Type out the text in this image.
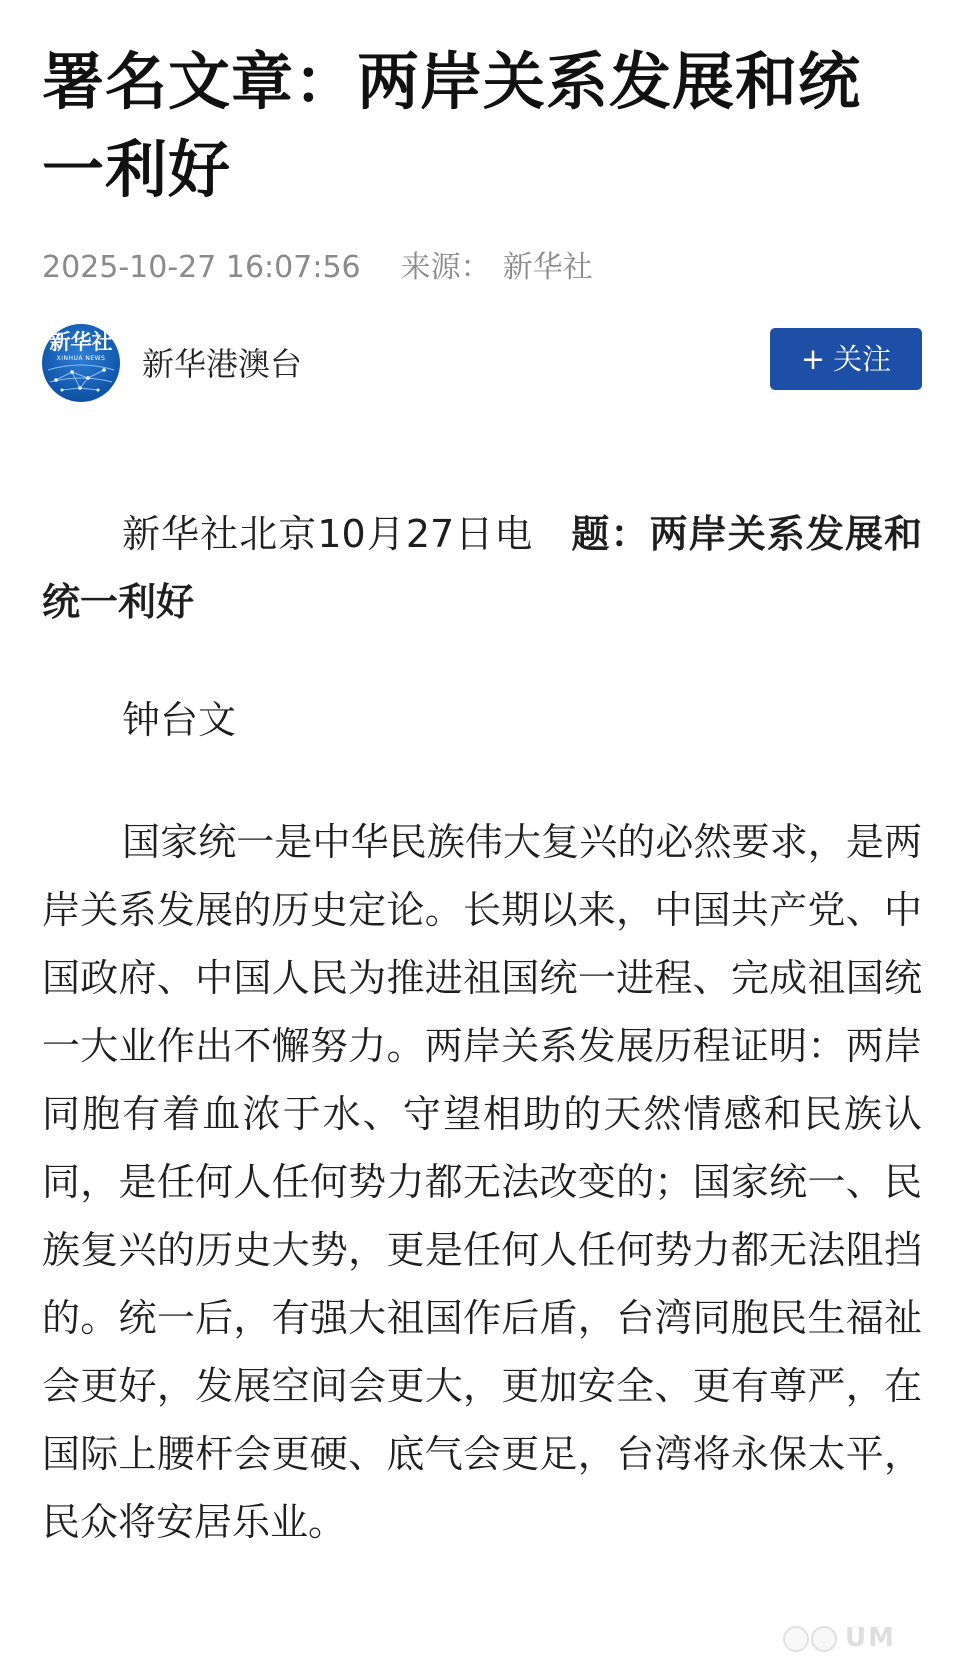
署名文章：两岸关系发展和统一利好
2025-10-27 16:07:56 来源： 新华社
新华社
XINHUA NEWS	新华港澳台	+ 关注

新华社北京10月27日电 题：两岸关系发展和统一利好

钟台文

国家统一是中华民族伟大复兴的必然要求，是两岸关系发展的历史定论。长期以来，中国共产党、中国政府、中国人民为推进祖国统一进程、完成祖国统一大业作出不懈努力。两岸关系发展历程证明：两岸同胞有着血浓于水、守望相助的天然情感和民族认同，是任何人任何势力都无法改变的；国家统一、民族复兴的历史大势，更是任何人任何势力都无法阻挡的。统一后，有强大祖国作后盾，台湾同胞民生福祉会更好，发展空间会更大，更加安全、更有尊严，在国际上腰杆会更硬、底气会更足，台湾将永保太平，民众将安居乐业。

UM
